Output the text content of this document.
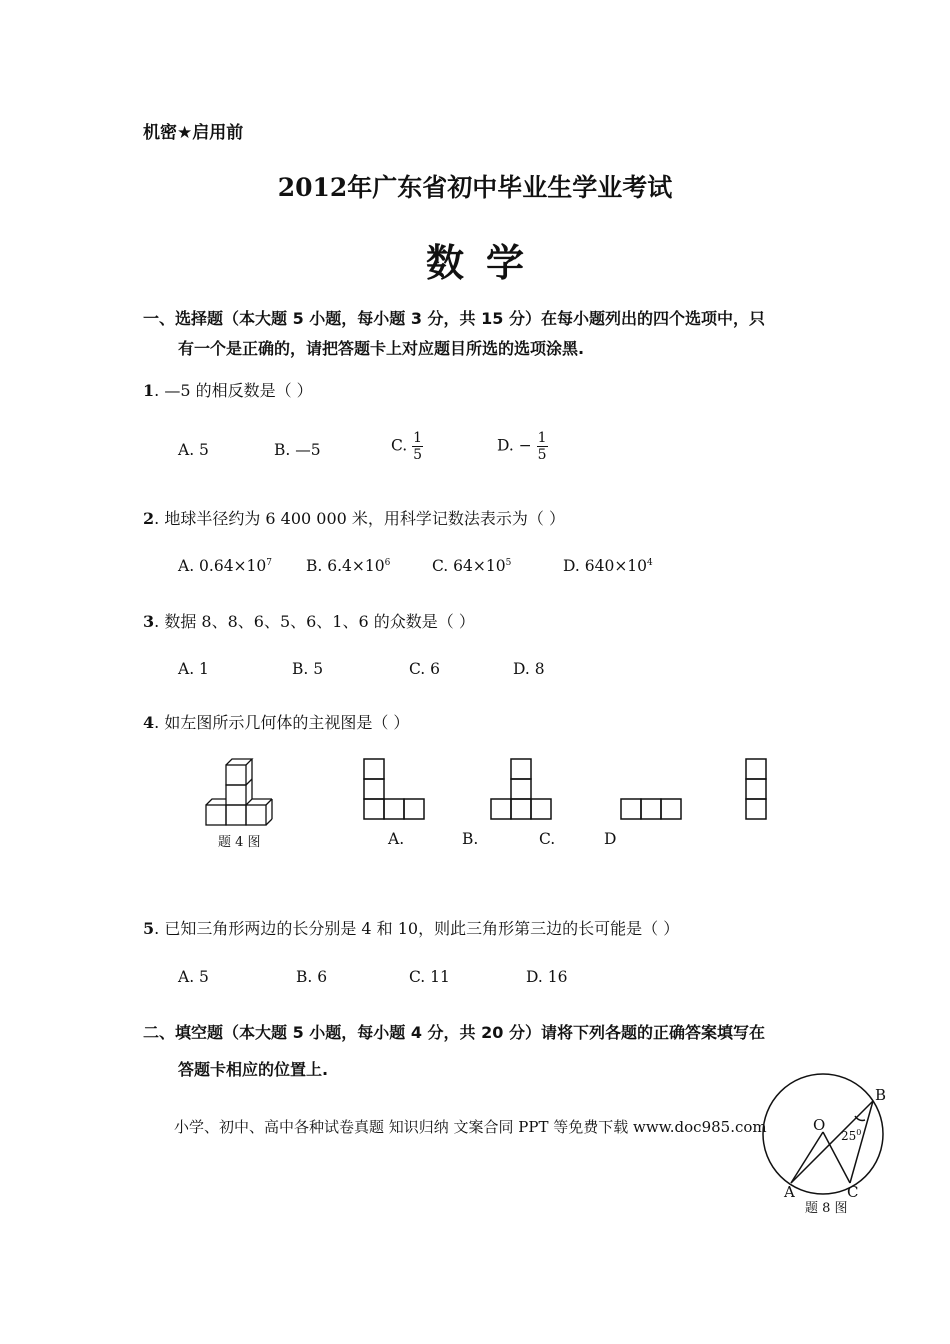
机密★启用前
2012年广东省初中毕业生学业考试
数学
一、选择题（本大题 5 小题，每小题 3 分，共 15 分）在每小题列出的四个选项中，只
有一个是正确的，请把答题卡上对应题目所选的选项涂黑.
1. —5 的相反数是（ ）
A. 5	B. —5	C. $\frac{1}{5}$	D. − $\frac{1}{5}$
2. 地球半径约为 6 400 000 米，用科学记数法表示为（ ）
A. $0.64\times 10^7$ B. $6.4\times 10^6$	C. $64\times 10^5$	D. $640\times 10^4$
3. 数据 8、8、6、5、6、1、6 的众数是（ ）
A. 1	B. 5	C. 6	D. 8
4. 如左图所示几何体的主视图是（ ）
题 4 图	A.	B.	C.	D
5. 已知三角形两边的长分别是 4 和 10，则此三角形第三边的长可能是（ ）
A. 5	B. 6	C. 11	D. 16
二、填空题（本大题 5 小题，每小题 4 分，共 20 分）请将下列各题的正确答案填写在
答题卡相应的位置上.
小学、初中、高中各种试卷真题 知识归纳 文案合同 PPT 等免费下载 www.doc985.com
B
O
A	C
$25^0$
题 8 图
